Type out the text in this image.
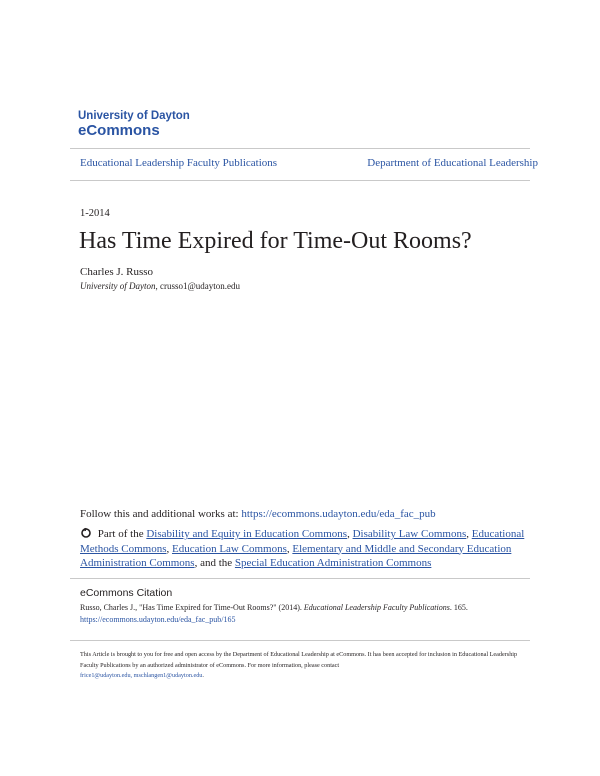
University of Dayton
eCommons
Educational Leadership Faculty Publications	Department of Educational Leadership
1-2014
Has Time Expired for Time-Out Rooms?
Charles J. Russo
University of Dayton, crusso1@udayton.edu
Follow this and additional works at: https://ecommons.udayton.edu/eda_fac_pub
Part of the Disability and Equity in Education Commons, Disability Law Commons, Educational Methods Commons, Education Law Commons, Elementary and Middle and Secondary Education Administration Commons, and the Special Education Administration Commons
eCommons Citation
Russo, Charles J., "Has Time Expired for Time-Out Rooms?" (2014). Educational Leadership Faculty Publications. 165.
https://ecommons.udayton.edu/eda_fac_pub/165
This Article is brought to you for free and open access by the Department of Educational Leadership at eCommons. It has been accepted for inclusion in Educational Leadership Faculty Publications by an authorized administrator of eCommons. For more information, please contact
frice1@udayton.edu, mschlangen1@udayton.edu.
